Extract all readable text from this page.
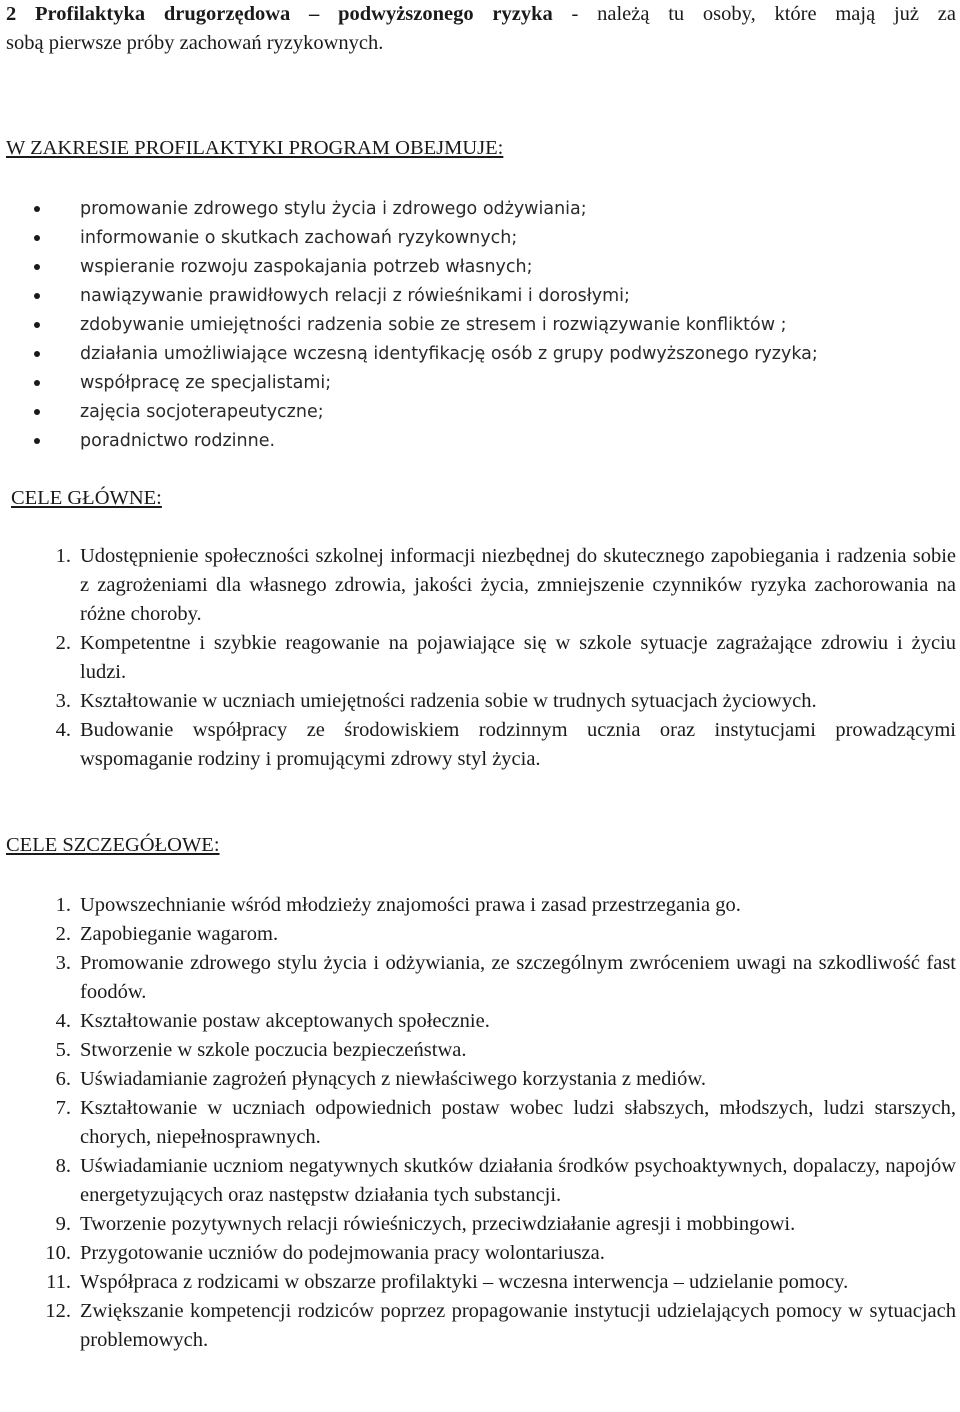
2 Profilaktyka drugorzędowa – podwyższonego ryzyka - należą tu osoby, które mają już za
sobą pierwsze próby zachowań ryzykownych.
W ZAKRESIE PROFILAKTYKI PROGRAM OBEJMUJE:
promowanie zdrowego stylu życia i zdrowego odżywiania;
informowanie o skutkach zachowań ryzykownych;
wspieranie rozwoju zaspokajania potrzeb własnych;
nawiązywanie prawidłowych relacji z rówieśnikami i dorosłymi;
zdobywanie umiejętności radzenia sobie ze stresem i rozwiązywanie konfliktów ;
działania umożliwiające wczesną identyfikację osób z grupy podwyższonego ryzyka;
współpracę ze specjalistami;
zajęcia socjoterapeutyczne;
poradnictwo rodzinne.
CELE GŁÓWNE:
1. Udostępnienie społeczności szkolnej informacji niezbędnej do skutecznego zapobiegania i radzenia sobie z zagrożeniami dla własnego zdrowia, jakości życia, zmniejszenie czynników ryzyka zachorowania na różne choroby.
2. Kompetentne i szybkie reagowanie na pojawiające się w szkole sytuacje zagrażające zdrowiu i życiu ludzi.
3. Kształtowanie w uczniach umiejętności radzenia sobie w trudnych sytuacjach życiowych.
4. Budowanie współpracy ze środowiskiem rodzinnym ucznia oraz instytucjami prowadzącymi wspomaganie rodziny i promującymi zdrowy styl życia.
CELE SZCZEGÓŁOWE:
1. Upowszechnianie wśród młodzieży znajomości prawa i zasad przestrzegania go.
2. Zapobieganie wagarom.
3. Promowanie zdrowego stylu życia i odżywiania, ze szczególnym zwróceniem uwagi na szkodliwość fast foodów.
4. Kształtowanie postaw akceptowanych społecznie.
5. Stworzenie w szkole poczucia bezpieczeństwa.
6. Uświadamianie zagrożeń płynących z niewłaściwego korzystania z mediów.
7. Kształtowanie w uczniach odpowiednich postaw wobec ludzi słabszych, młodszych, ludzi starszych, chorych, niepełnosprawnych.
8. Uświadamianie uczniom negatywnych skutków działania środków psychoaktywnych, dopalaczy, napojów energetyzujących oraz następstw działania tych substancji.
9. Tworzenie pozytywnych relacji rówieśniczych, przeciwdziałanie agresji i mobbingowi.
10. Przygotowanie uczniów do podejmowania pracy wolontariusza.
11. Współpraca z rodzicami w obszarze profilaktyki – wczesna interwencja – udzielanie pomocy.
12. Zwiększanie kompetencji rodziców poprzez propagowanie instytucji udzielających pomocy w sytuacjach problemowych.
